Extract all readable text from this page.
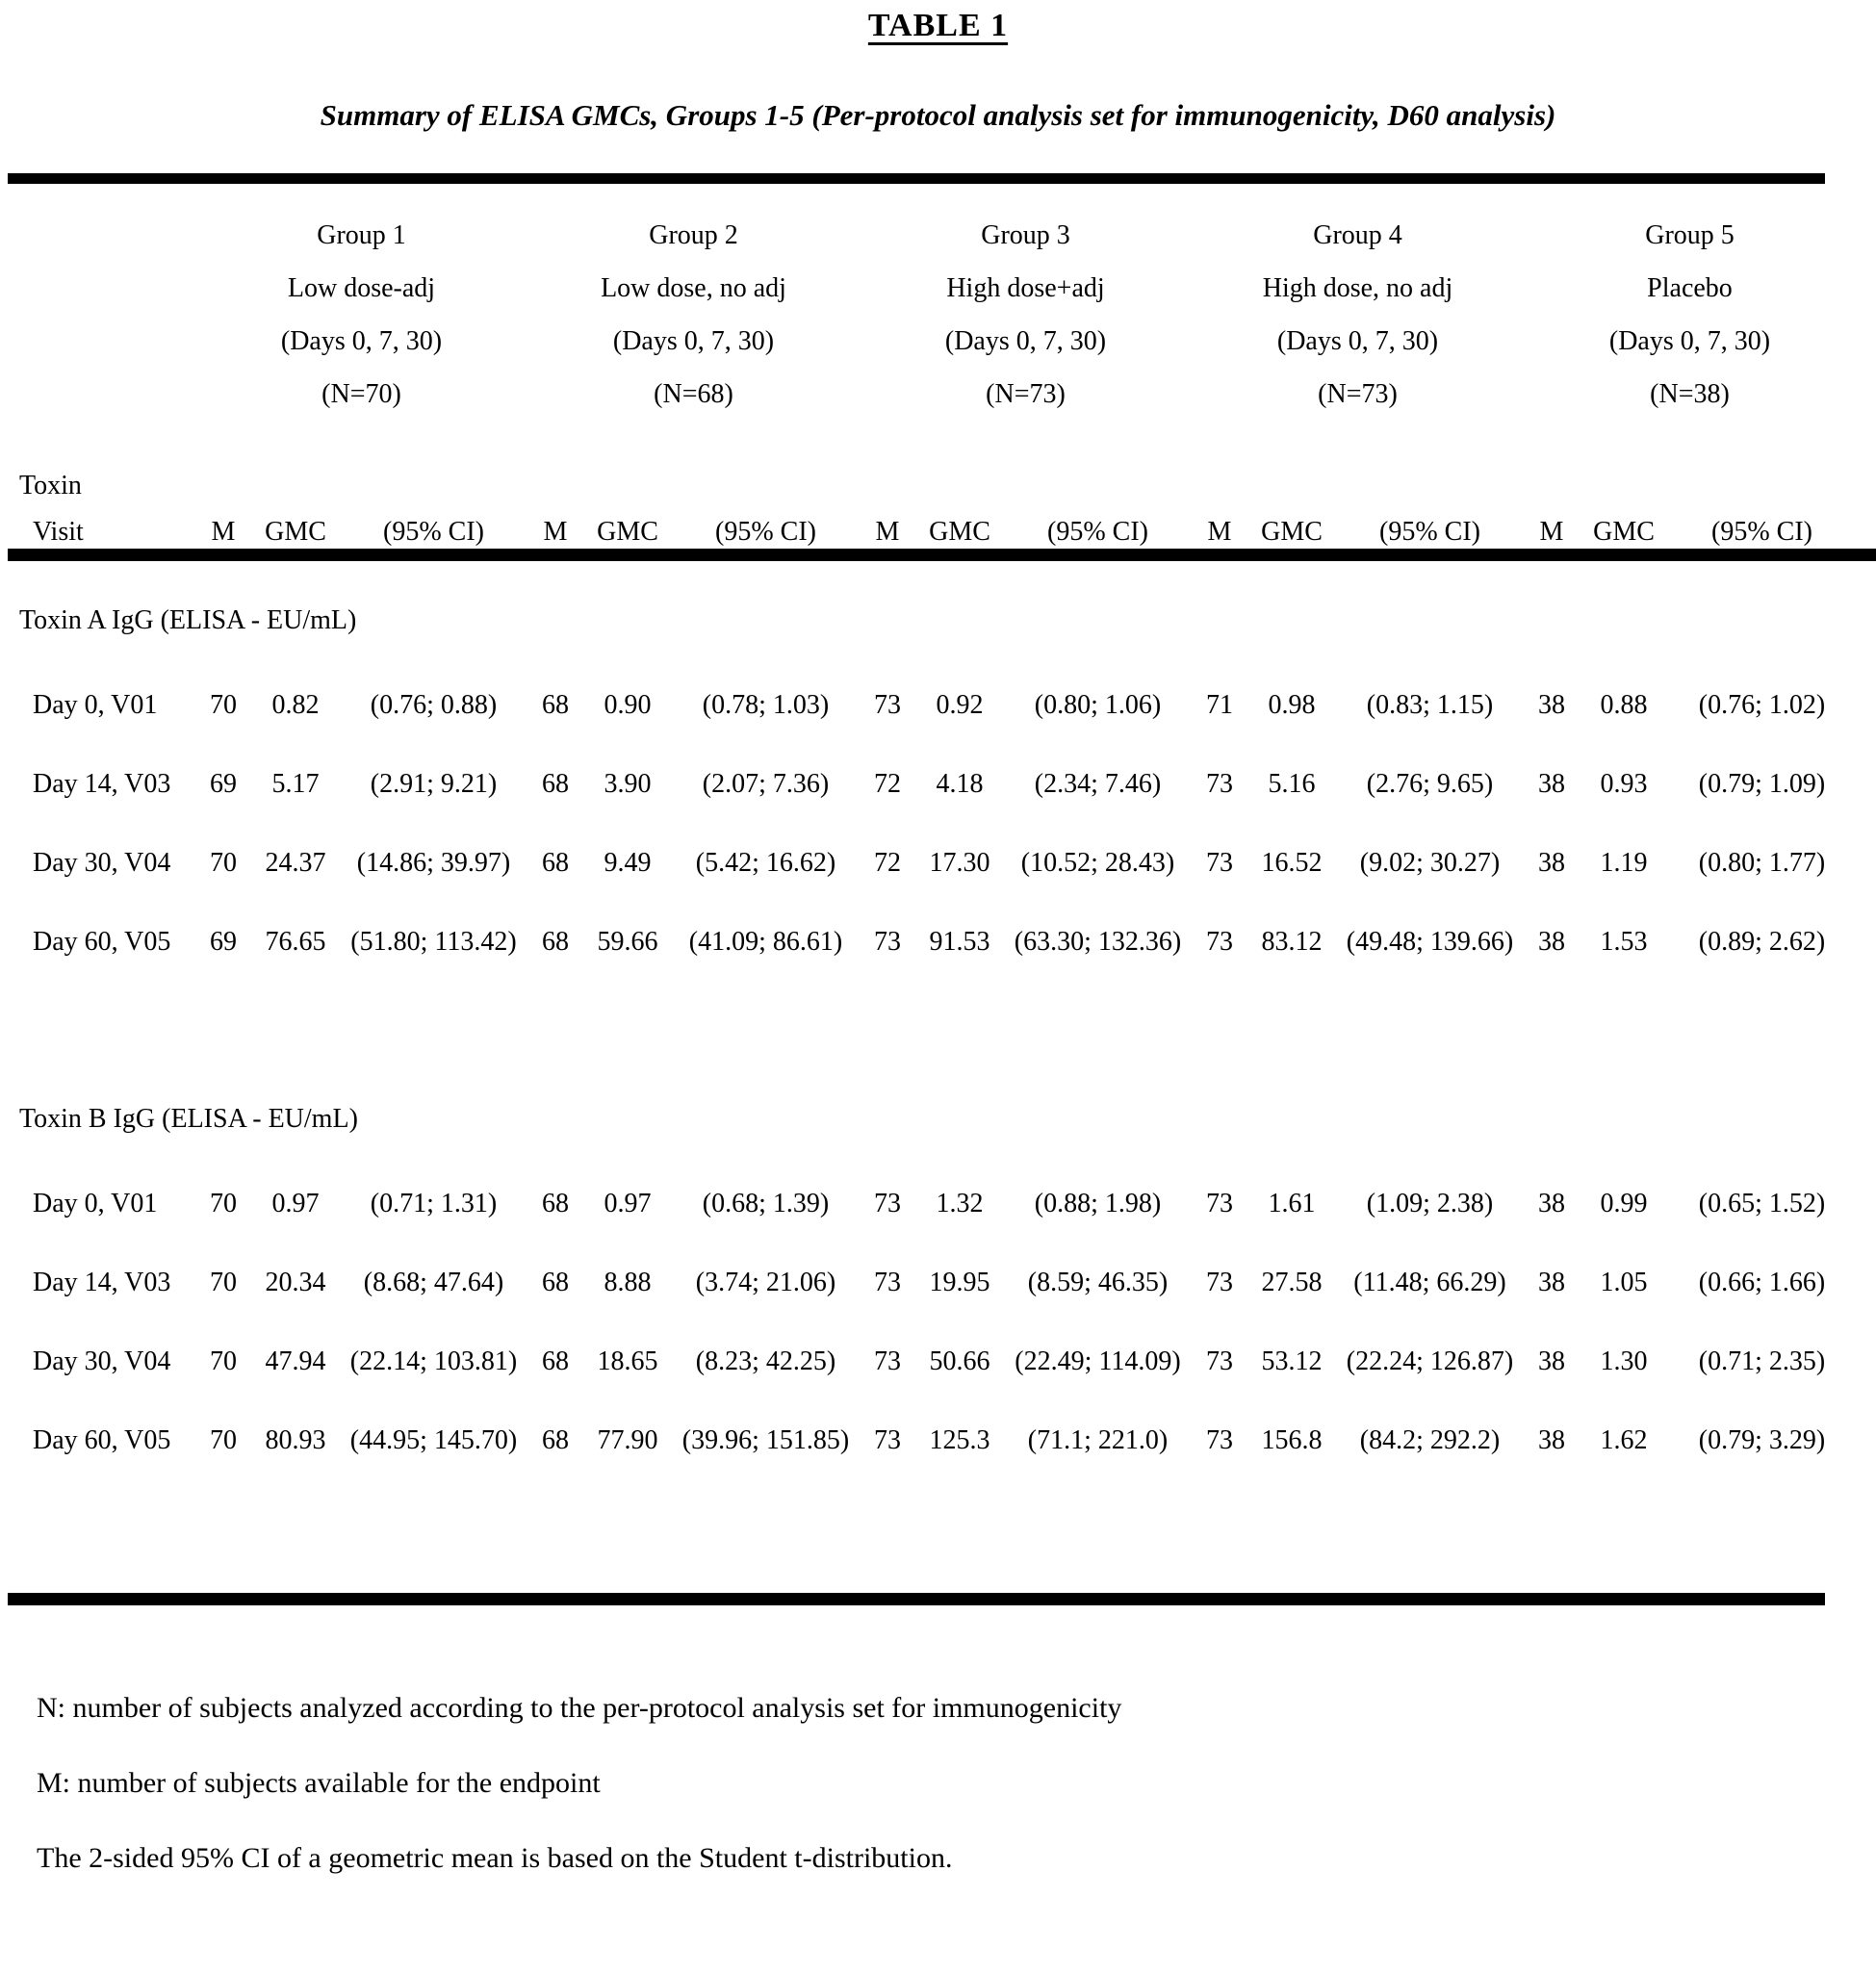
TABLE 1
Summary of ELISA GMCs, Groups 1-5 (Per-protocol analysis set for immunogenicity, D60 analysis)
Group 1
Low dose-adj
(Days 0, 7, 30)
(N=70)
Group 2
Low dose, no adj
(Days 0, 7, 30)
(N=68)
Group 3
High dose+adj
(Days 0, 7, 30)
(N=73)
Group 4
High dose, no adj
(Days 0, 7, 30)
(N=73)
Group 5
Placebo
(Days 0, 7, 30)
(N=38)
Toxin
Visit	M	GMC	(95% CI)	M	GMC	(95% CI)	M	GMC	(95% CI)	M	GMC	(95% CI)	M	GMC	(95% CI)
Toxin A IgG (ELISA - EU/mL)
Day 0, V01	70	0.82	(0.76; 0.88)	68	0.90	(0.78; 1.03)	73	0.92	(0.80; 1.06)	71	0.98	(0.83; 1.15)	38	0.88	(0.76; 1.02)
Day 14, V03	69	5.17	(2.91; 9.21)	68	3.90	(2.07; 7.36)	72	4.18	(2.34; 7.46)	73	5.16	(2.76; 9.65)	38	0.93	(0.79; 1.09)
Day 30, V04	70	24.37	(14.86; 39.97)	68	9.49	(5.42; 16.62)	72	17.30	(10.52; 28.43)	73	16.52	(9.02; 30.27)	38	1.19	(0.80; 1.77)
Day 60, V05	69	76.65 (51.80; 113.42) 68	59.66	(41.09; 86.61)	73	91.53 (63.30; 132.36) 73	83.12 (49.48; 139.66) 38	1.53	(0.89; 2.62)
Toxin B IgG (ELISA - EU/mL)
Day 0, V01	70	0.97	(0.71; 1.31)	68	0.97	(0.68; 1.39)	73	1.32	(0.88; 1.98)	73	1.61	(1.09; 2.38)	38	0.99	(0.65; 1.52)
Day 14, V03	70	20.34	(8.68; 47.64)	68	8.88	(3.74; 21.06)	73	19.95	(8.59; 46.35)	73	27.58	(11.48; 66.29)	38	1.05	(0.66; 1.66)
Day 30, V04	70	47.94 (22.14; 103.81) 68	18.65	(8.23; 42.25)	73	50.66 (22.49; 114.09) 73	53.12 (22.24; 126.87) 38	1.30	(0.71; 2.35)
Day 60, V05	70	80.93 (44.95; 145.70) 68	77.90 (39.96; 151.85) 73	125.3	(71.1; 221.0)	73	156.8	(84.2; 292.2)	38	1.62	(0.79; 3.29)
N: number of subjects analyzed according to the per-protocol analysis set for immunogenicity
M: number of subjects available for the endpoint
The 2-sided 95% CI of a geometric mean is based on the Student t-distribution.
